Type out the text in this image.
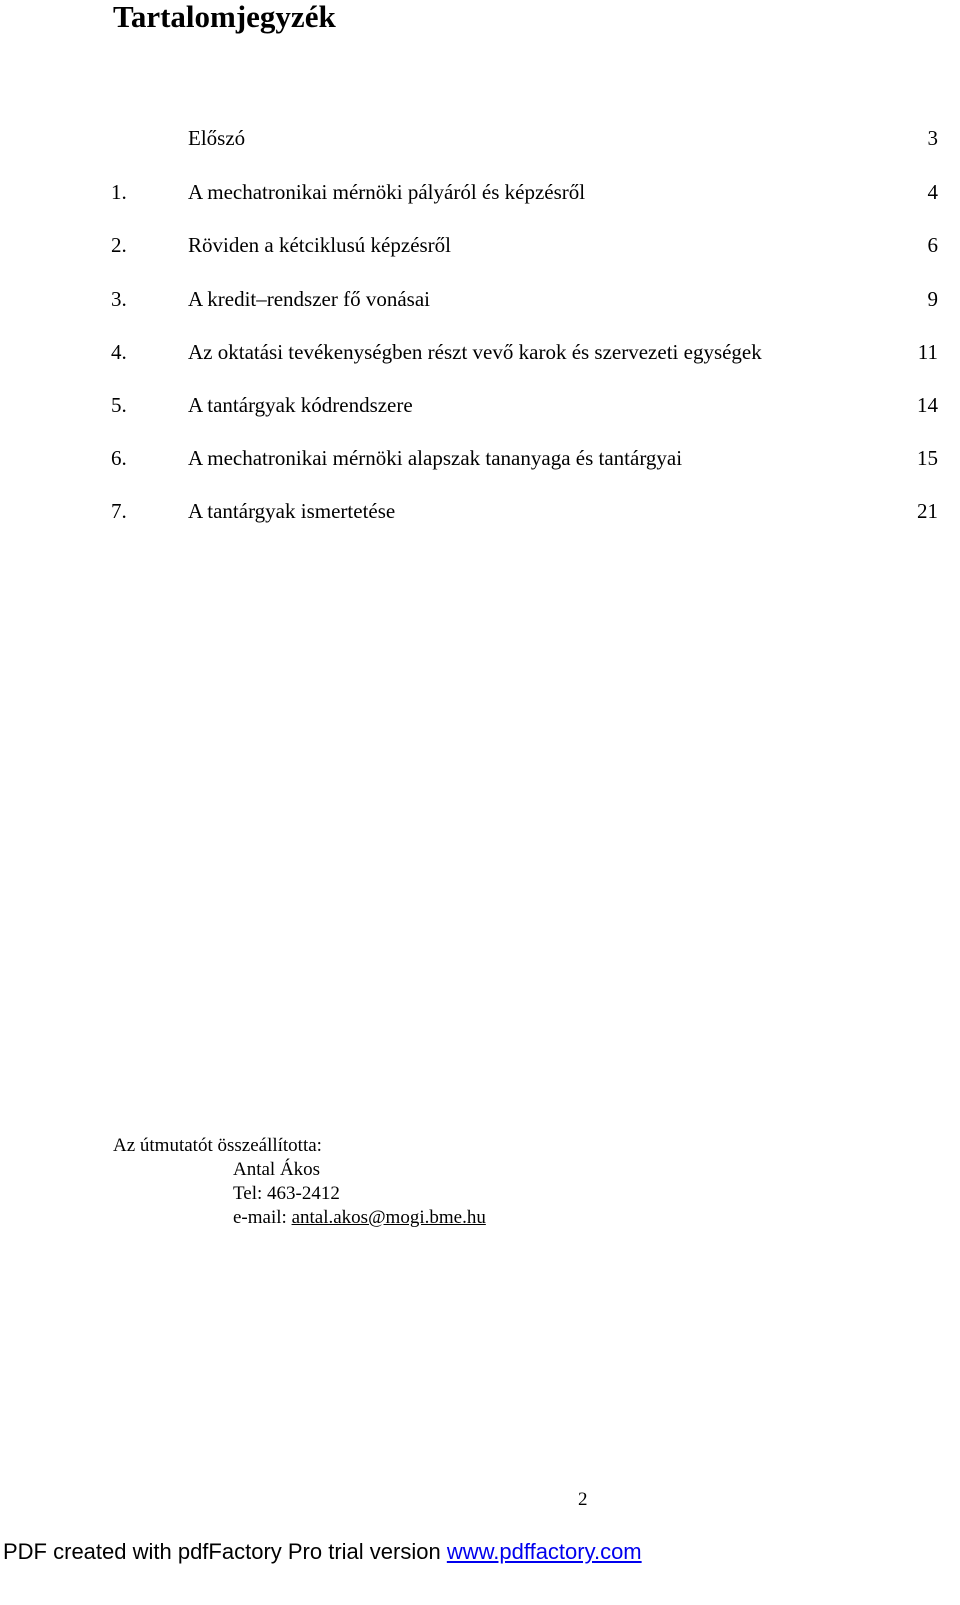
Tartalomjegyzék
Előszó	3
1.	A mechatronikai mérnöki pályáról és képzésről	4
2.	Röviden a kétciklusú képzésről	6
3.	A kredit–rendszer fő vonásai	9
4.	Az oktatási tevékenységben részt vevő karok és szervezeti egységek	11
5.	A tantárgyak kódrendszere	14
6.	A mechatronikai mérnöki alapszak tananyaga és tantárgyai	15
7.	A tantárgyak ismertetése	21
Az útmutatót összeállította:
Antal Ákos
Tel: 463-2412
e-mail: antal.akos@mogi.bme.hu
2
PDF created with pdfFactory Pro trial version www.pdffactory.com
